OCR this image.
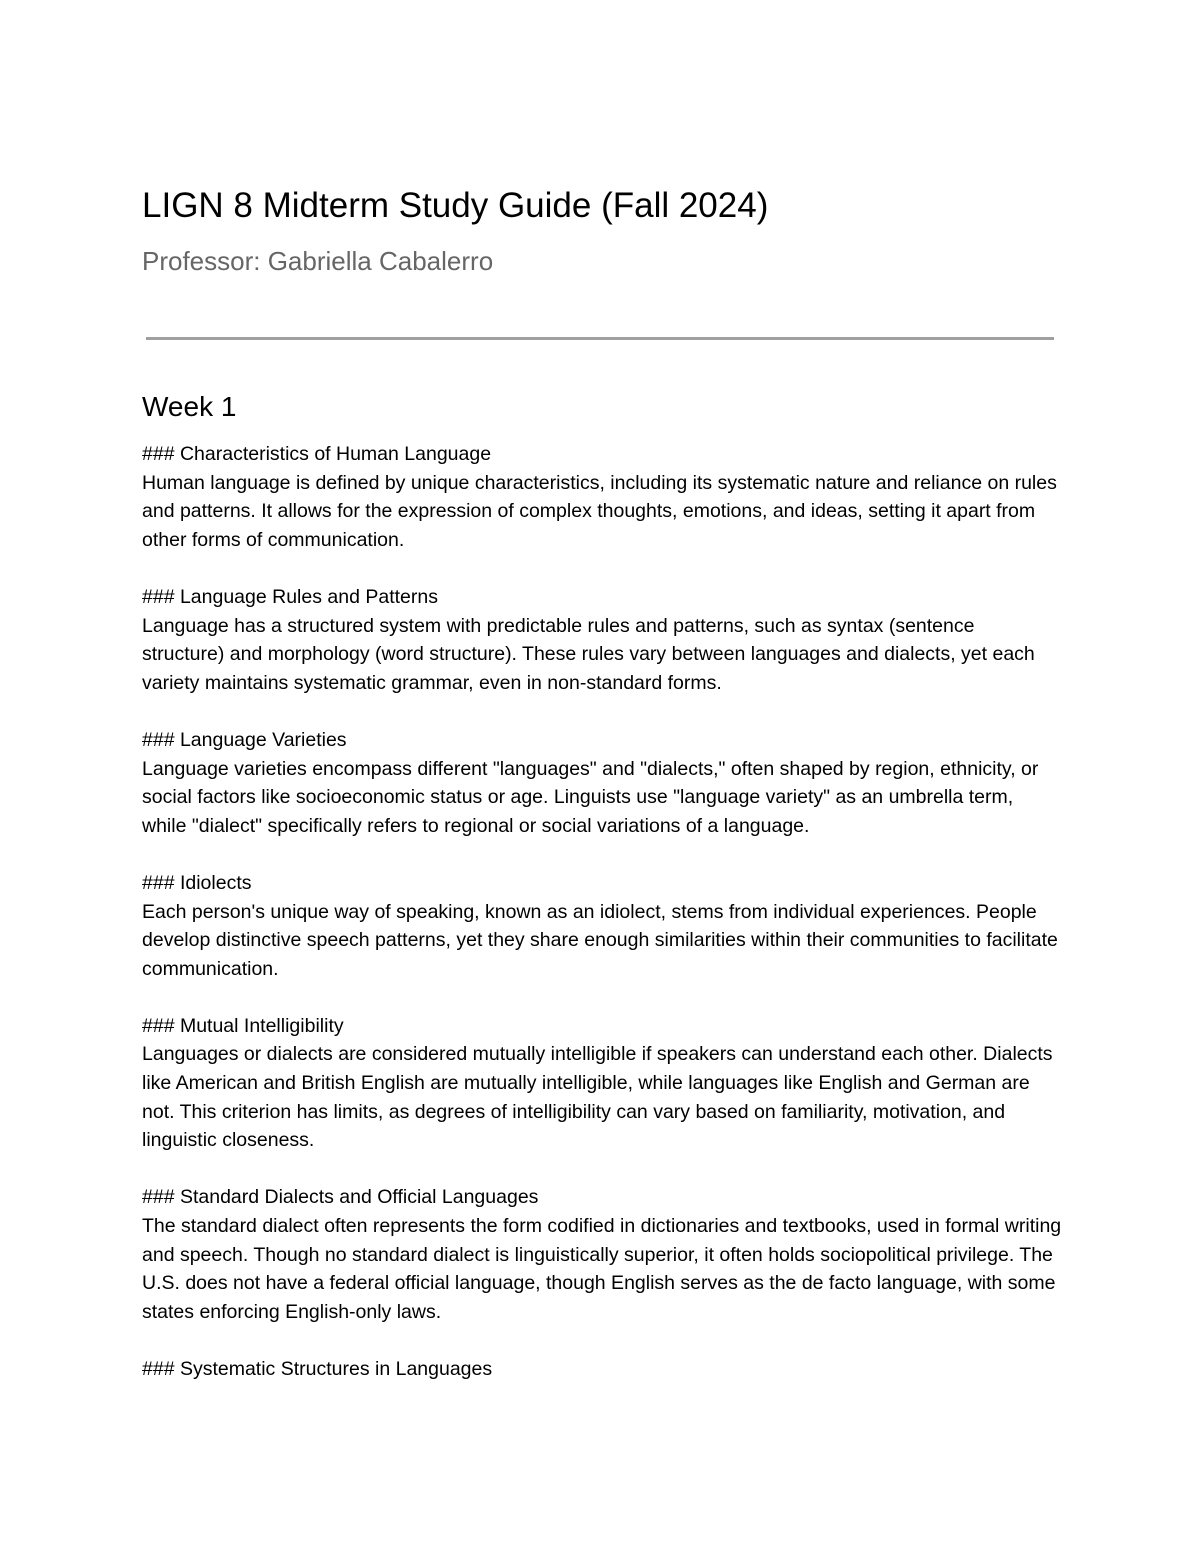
LIGN 8 Midterm Study Guide (Fall 2024)

Professor: Gabriella Cabalerro

Week 1

### Characteristics of Human Language

Human language is defined by unique characteristics, including its systematic nature and reliance on rules and patterns. It allows for the expression of complex thoughts, emotions, and ideas, setting it apart from other forms of communication.

### Language Rules and Patterns

Language has a structured system with predictable rules and patterns, such as syntax (sentence structure) and morphology (word structure). These rules vary between languages and dialects, yet each variety maintains systematic grammar, even in non-standard forms.

### Language Varieties

Language varieties encompass different "languages" and "dialects," often shaped by region, ethnicity, or social factors like socioeconomic status or age. Linguists use "language variety" as an umbrella term, while "dialect" specifically refers to regional or social variations of a language.

### Idiolects

Each person's unique way of speaking, known as an idiolect, stems from individual experiences. People develop distinctive speech patterns, yet they share enough similarities within their communities to facilitate communication.

### Mutual Intelligibility

Languages or dialects are considered mutually intelligible if speakers can understand each other. Dialects like American and British English are mutually intelligible, while languages like English and German are not. This criterion has limits, as degrees of intelligibility can vary based on familiarity, motivation, and linguistic closeness.

### Standard Dialects and Official Languages

The standard dialect often represents the form codified in dictionaries and textbooks, used in formal writing and speech. Though no standard dialect is linguistically superior, it often holds sociopolitical privilege. The U.S. does not have a federal official language, though English serves as the de facto language, with some states enforcing English-only laws.

### Systematic Structures in Languages
